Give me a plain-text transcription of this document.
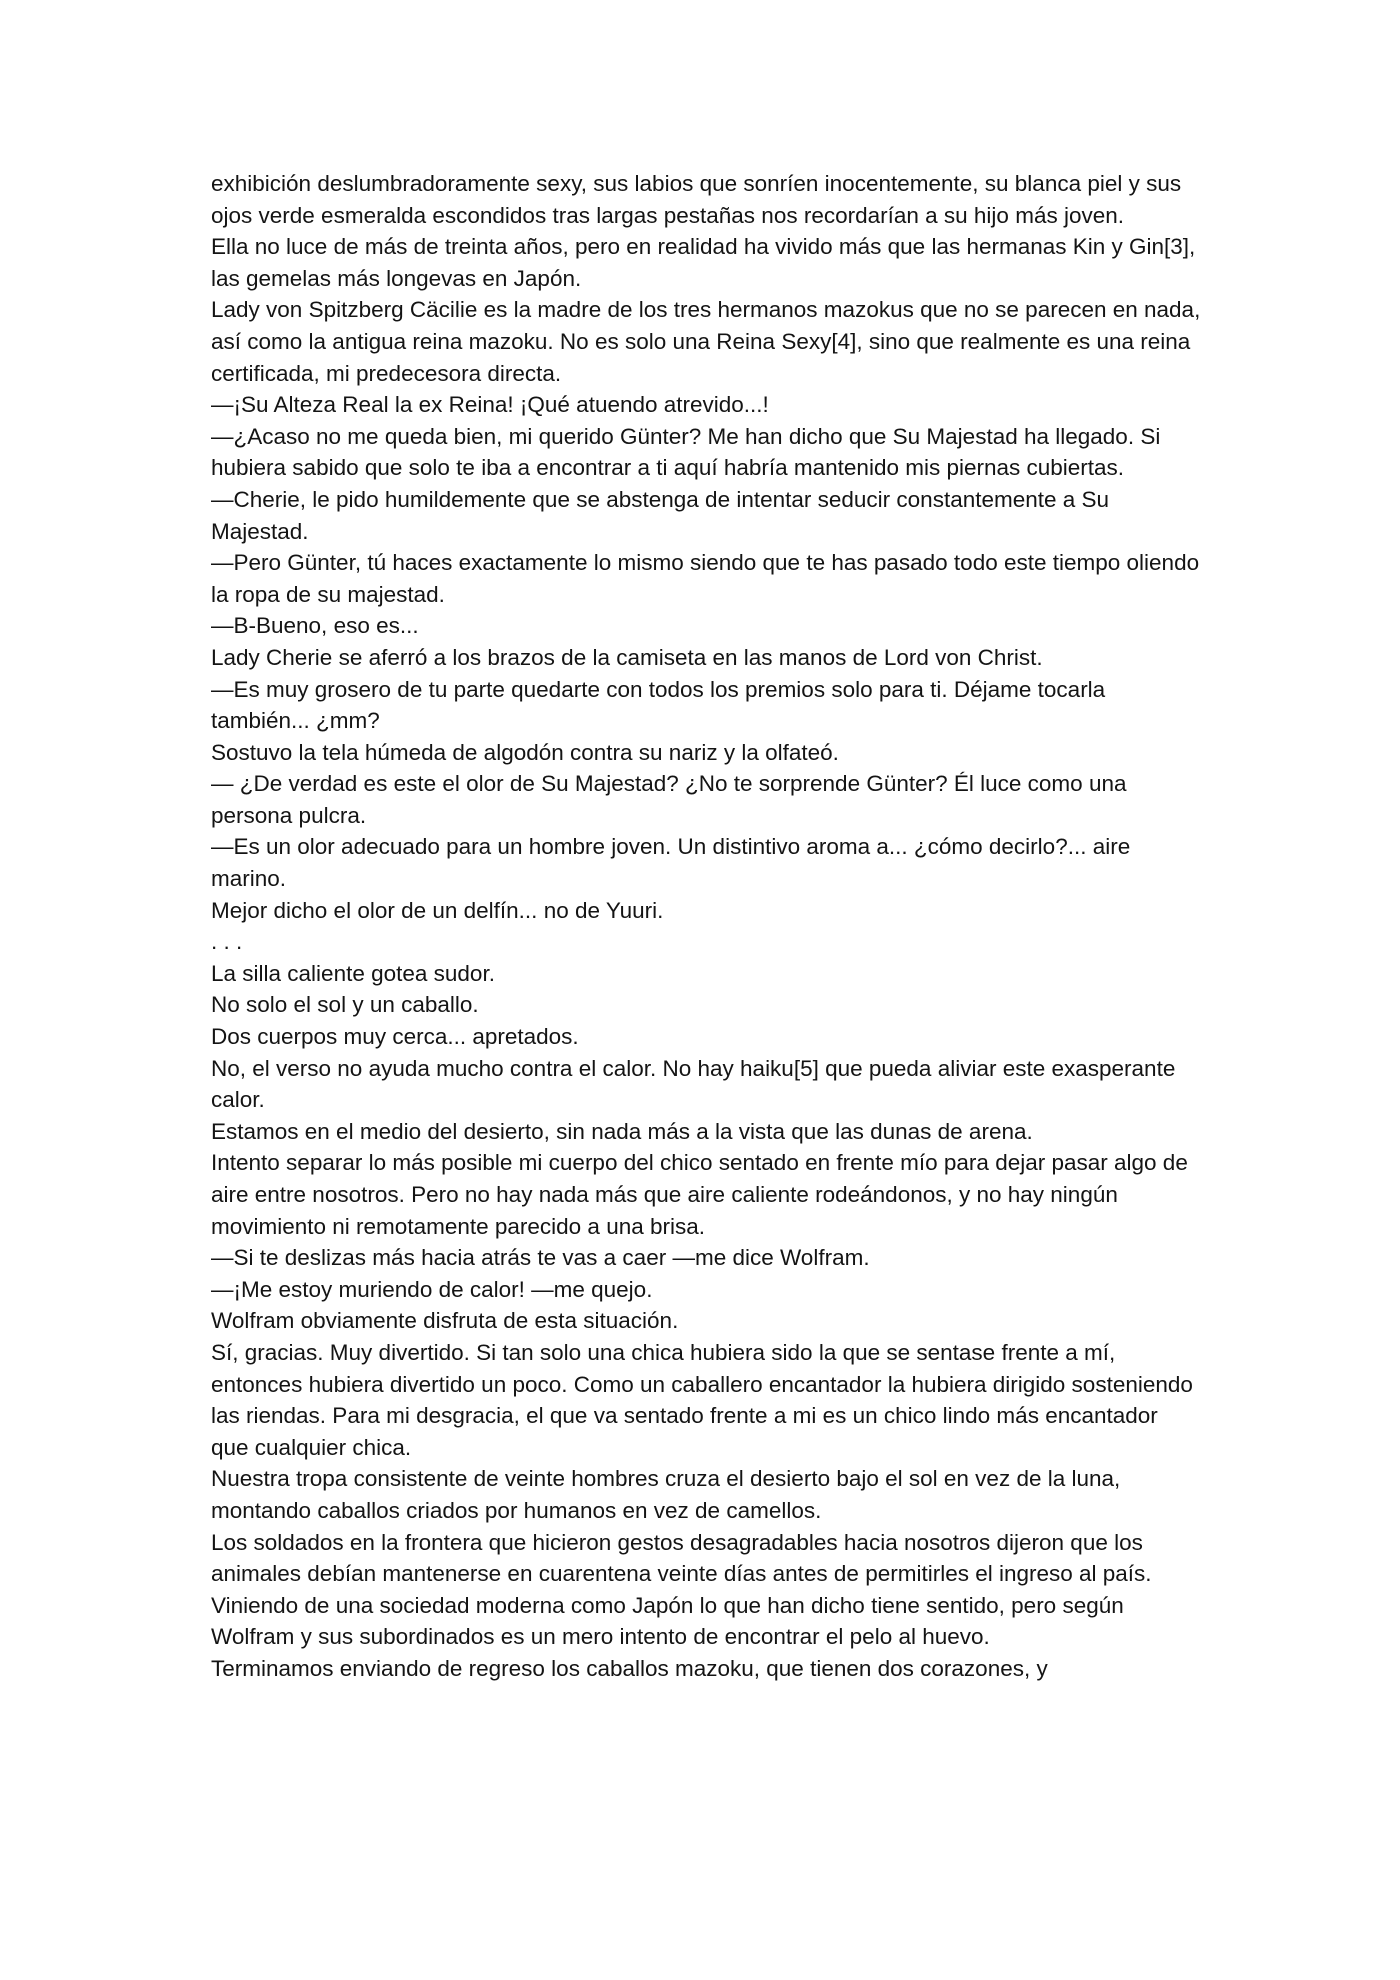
exhibición deslumbradoramente sexy, sus labios que sonríen inocentemente, su blanca piel y sus ojos verde esmeralda escondidos tras largas pestañas nos recordarían a su hijo más joven.

Ella no luce de más de treinta años, pero en realidad ha vivido más que las hermanas Kin y Gin[3], las gemelas más longevas en Japón.

Lady von Spitzberg Cäcilie es la madre de los tres hermanos mazokus que no se parecen en nada, así como la antigua reina mazoku. No es solo una Reina Sexy[4], sino que realmente es una reina certificada, mi predecesora directa.

—¡Su Alteza Real la ex Reina! ¡Qué atuendo atrevido...!

—¿Acaso no me queda bien, mi querido Günter? Me han dicho que Su Majestad ha llegado. Si hubiera sabido que solo te iba a encontrar a ti aquí habría mantenido mis piernas cubiertas.

—Cherie, le pido humildemente que se abstenga de intentar seducir constantemente a Su Majestad.

—Pero Günter, tú haces exactamente lo mismo siendo que te has pasado todo este tiempo oliendo la ropa de su majestad.

—B-Bueno, eso es...

Lady Cherie se aferró a los brazos de la camiseta en las manos de Lord von Christ.

—Es muy grosero de tu parte quedarte con todos los premios solo para ti. Déjame tocarla también... ¿mm?

Sostuvo la tela húmeda de algodón contra su nariz y la olfateó.

— ¿De verdad es este el olor de Su Majestad? ¿No te sorprende Günter? Él luce como una persona pulcra.

—Es un olor adecuado para un hombre joven. Un distintivo aroma a... ¿cómo decirlo?... aire marino.

Mejor dicho el olor de un delfín... no de Yuuri.

. . .

La silla caliente gotea sudor.

No solo el sol y un caballo.

Dos cuerpos muy cerca... apretados.

No, el verso no ayuda mucho contra el calor. No hay haiku[5] que pueda aliviar este exasperante calor.

Estamos en el medio del desierto, sin nada más a la vista que las dunas de arena.

Intento separar lo más posible mi cuerpo del chico sentado en frente mío para dejar pasar algo de aire entre nosotros. Pero no hay nada más que aire caliente rodeándonos, y no hay ningún movimiento ni remotamente parecido a una brisa.

—Si te deslizas más hacia atrás te vas a caer —me dice Wolfram.

—¡Me estoy muriendo de calor! —me quejo.

Wolfram obviamente disfruta de esta situación.

Sí, gracias. Muy divertido. Si tan solo una chica hubiera sido la que se sentase frente a mí, entonces hubiera divertido un poco. Como un caballero encantador la hubiera dirigido sosteniendo las riendas. Para mi desgracia, el que va sentado frente a mi es un chico lindo más encantador que cualquier chica.

Nuestra tropa consistente de veinte hombres cruza el desierto bajo el sol en vez de la luna, montando caballos criados por humanos en vez de camellos.

Los soldados en la frontera que hicieron gestos desagradables hacia nosotros dijeron que los animales debían mantenerse en cuarentena veinte días antes de permitirles el ingreso al país. Viniendo de una sociedad moderna como Japón lo que han dicho tiene sentido, pero según Wolfram y sus subordinados es un mero intento de encontrar el pelo al huevo.

Terminamos enviando de regreso los caballos mazoku, que tienen dos corazones, y
